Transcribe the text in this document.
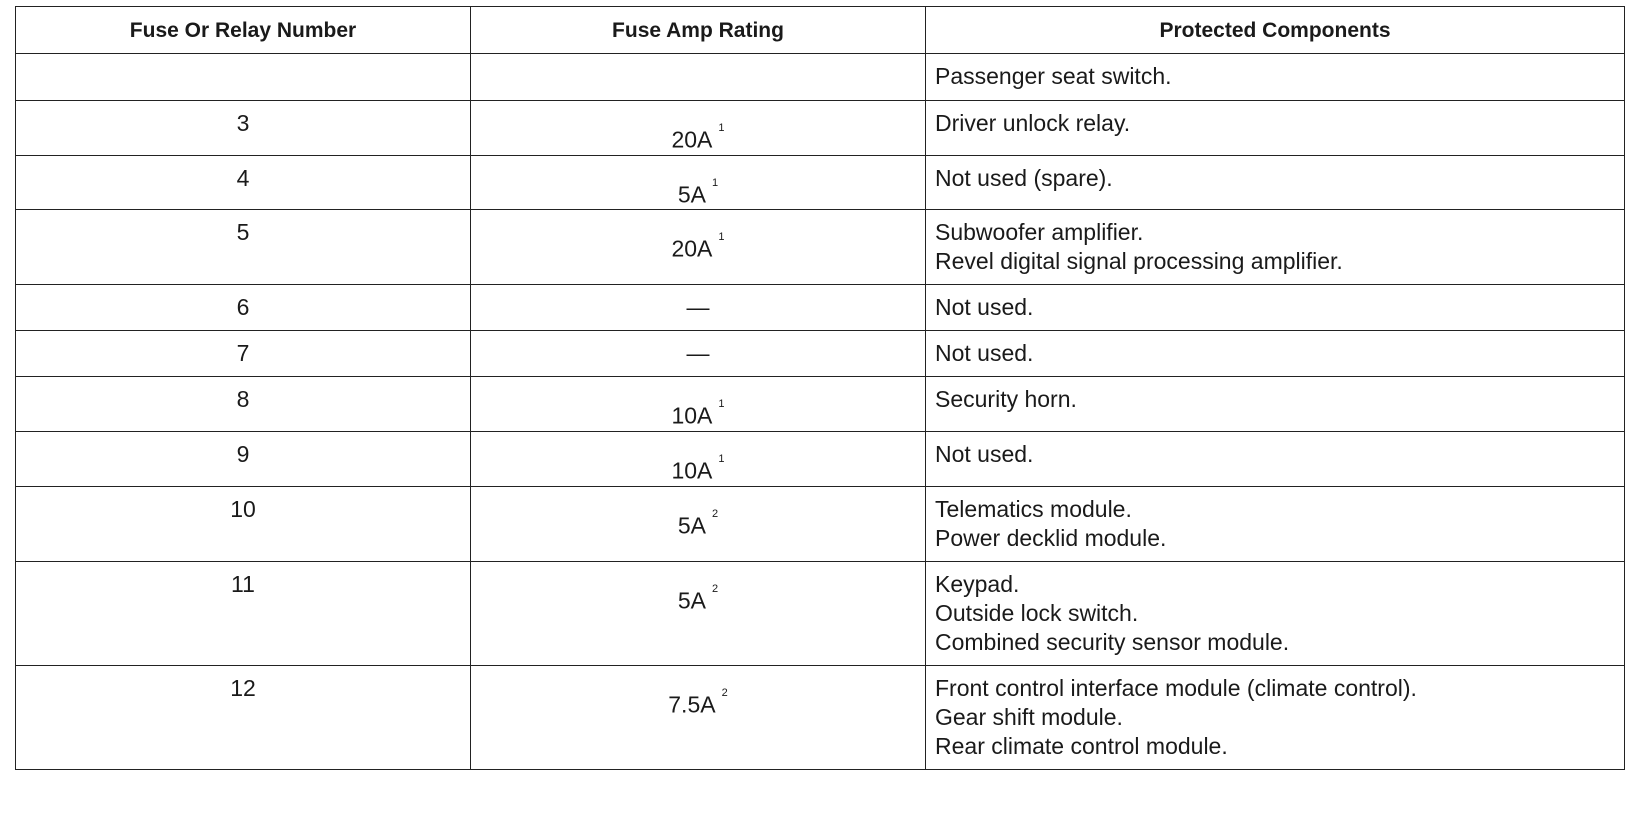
Fuse Or Relay Number	Fuse Amp Rating	Protected Components

		Passenger seat switch.

3	20A $^1$	Driver unlock relay.

4	5A $^1$	Not used (spare).

5	20A $^1$	Subwoofer amplifier.
Revel digital signal processing amplifier.

6	—	Not used.

7	—	Not used.

8	10A $^1$	Security horn.

9	10A $^1$	Not used.

10	5A $^2$	Telematics module.
Power decklid module.

11	5A $^2$	Keypad.
Outside lock switch.
Combined security sensor module.

12	7.5A $^2$	Front control interface module (climate control).
Gear shift module.
Rear climate control module.
